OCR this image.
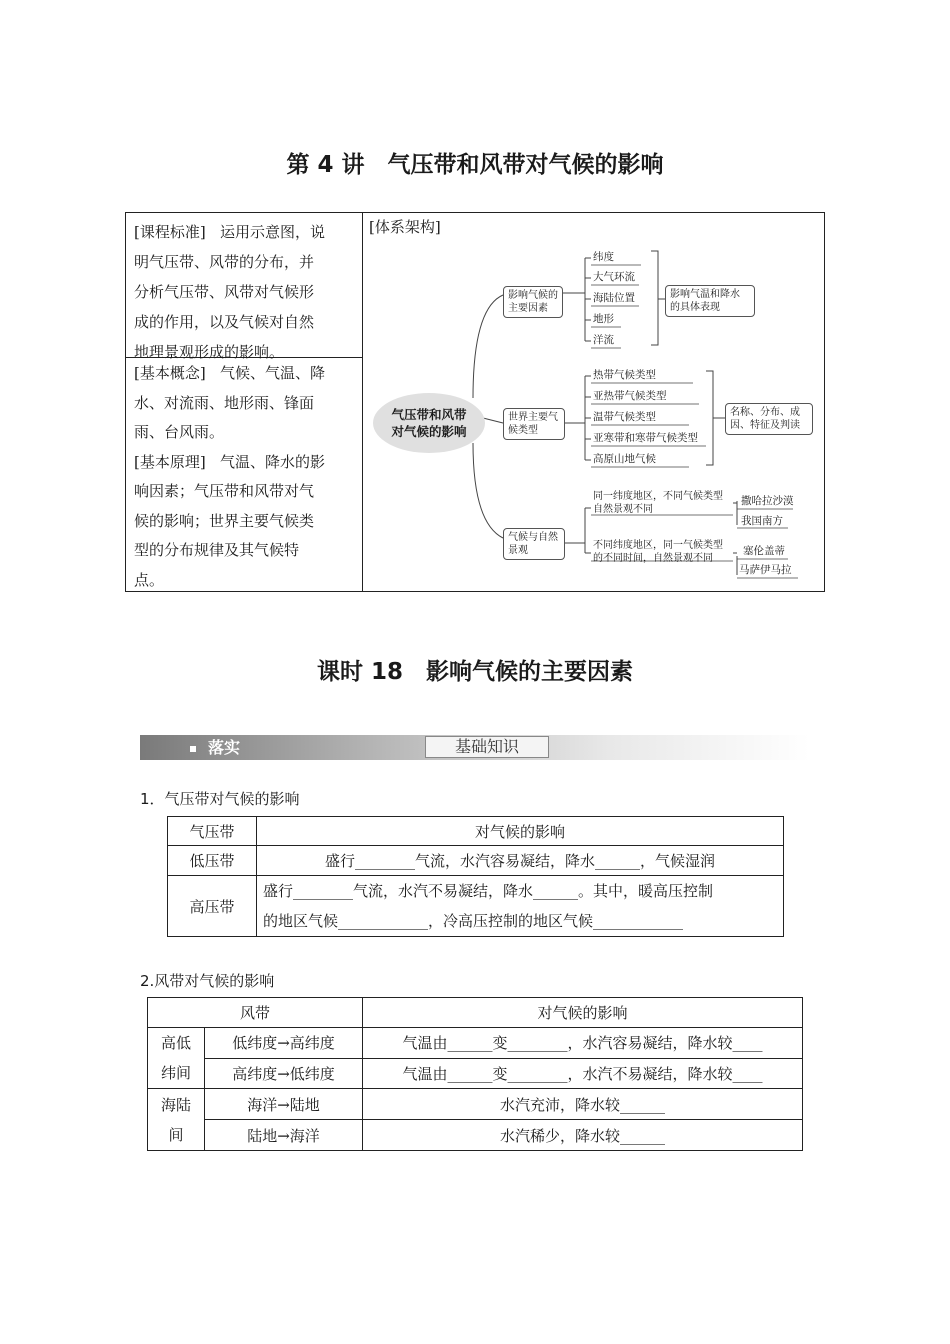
第 4 讲　气压带和风带对气候的影响
[课程标准] 运用示意图，说
明气压带、风带的分布，并
分析气压带、风带对气候形
成的作用，以及气候对自然
地理景观形成的影响。
[基本概念] 气候、气温、降
水、对流雨、地形雨、锋面
雨、台风雨。
[基本原理] 气温、降水的影
响因素；气压带和风带对气
候的影响；世界主要气候类
型的分布规律及其气候特
点。
[体系架构]
气压带和风带
对气候的影响
影响气候的
主要因素
纬度
大气环流
海陆位置
地形
洋流
影响气温和降水
的具体表现
世界主要气
候类型
热带气候类型
亚热带气候类型
温带气候类型
亚寒带和寒带气候类型
高原山地气候
名称、分布、成
因、特征及判读
气候与自然
景观
同一纬度地区，不同气候类型
自然景观不同
撒哈拉沙漠
我国南方
不同纬度地区，同一气候类型
的不同时间，自然景观不同
塞伦盖蒂
马萨伊马拉
课时 18　影响气候的主要因素
落实	基础知识
1．气压带对气候的影响
气压带	对气候的影响
低压带	盛行________气流，水汽容易凝结，降水______，气候湿润
高压带	盛行________气流，水汽不易凝结，降水______。其中，暖高压控制
的地区气候____________，冷高压控制的地区气候____________
2.风带对气候的影响
风带		对气候的影响

高低
纬间	低纬度→高纬度	气温由______变________，水汽容易凝结，降水较____
	高纬度→低纬度	气温由______变________，水汽不易凝结，降水较____

海陆
间	海洋→陆地	水汽充沛，降水较______
	陆地→海洋	水汽稀少，降水较______
